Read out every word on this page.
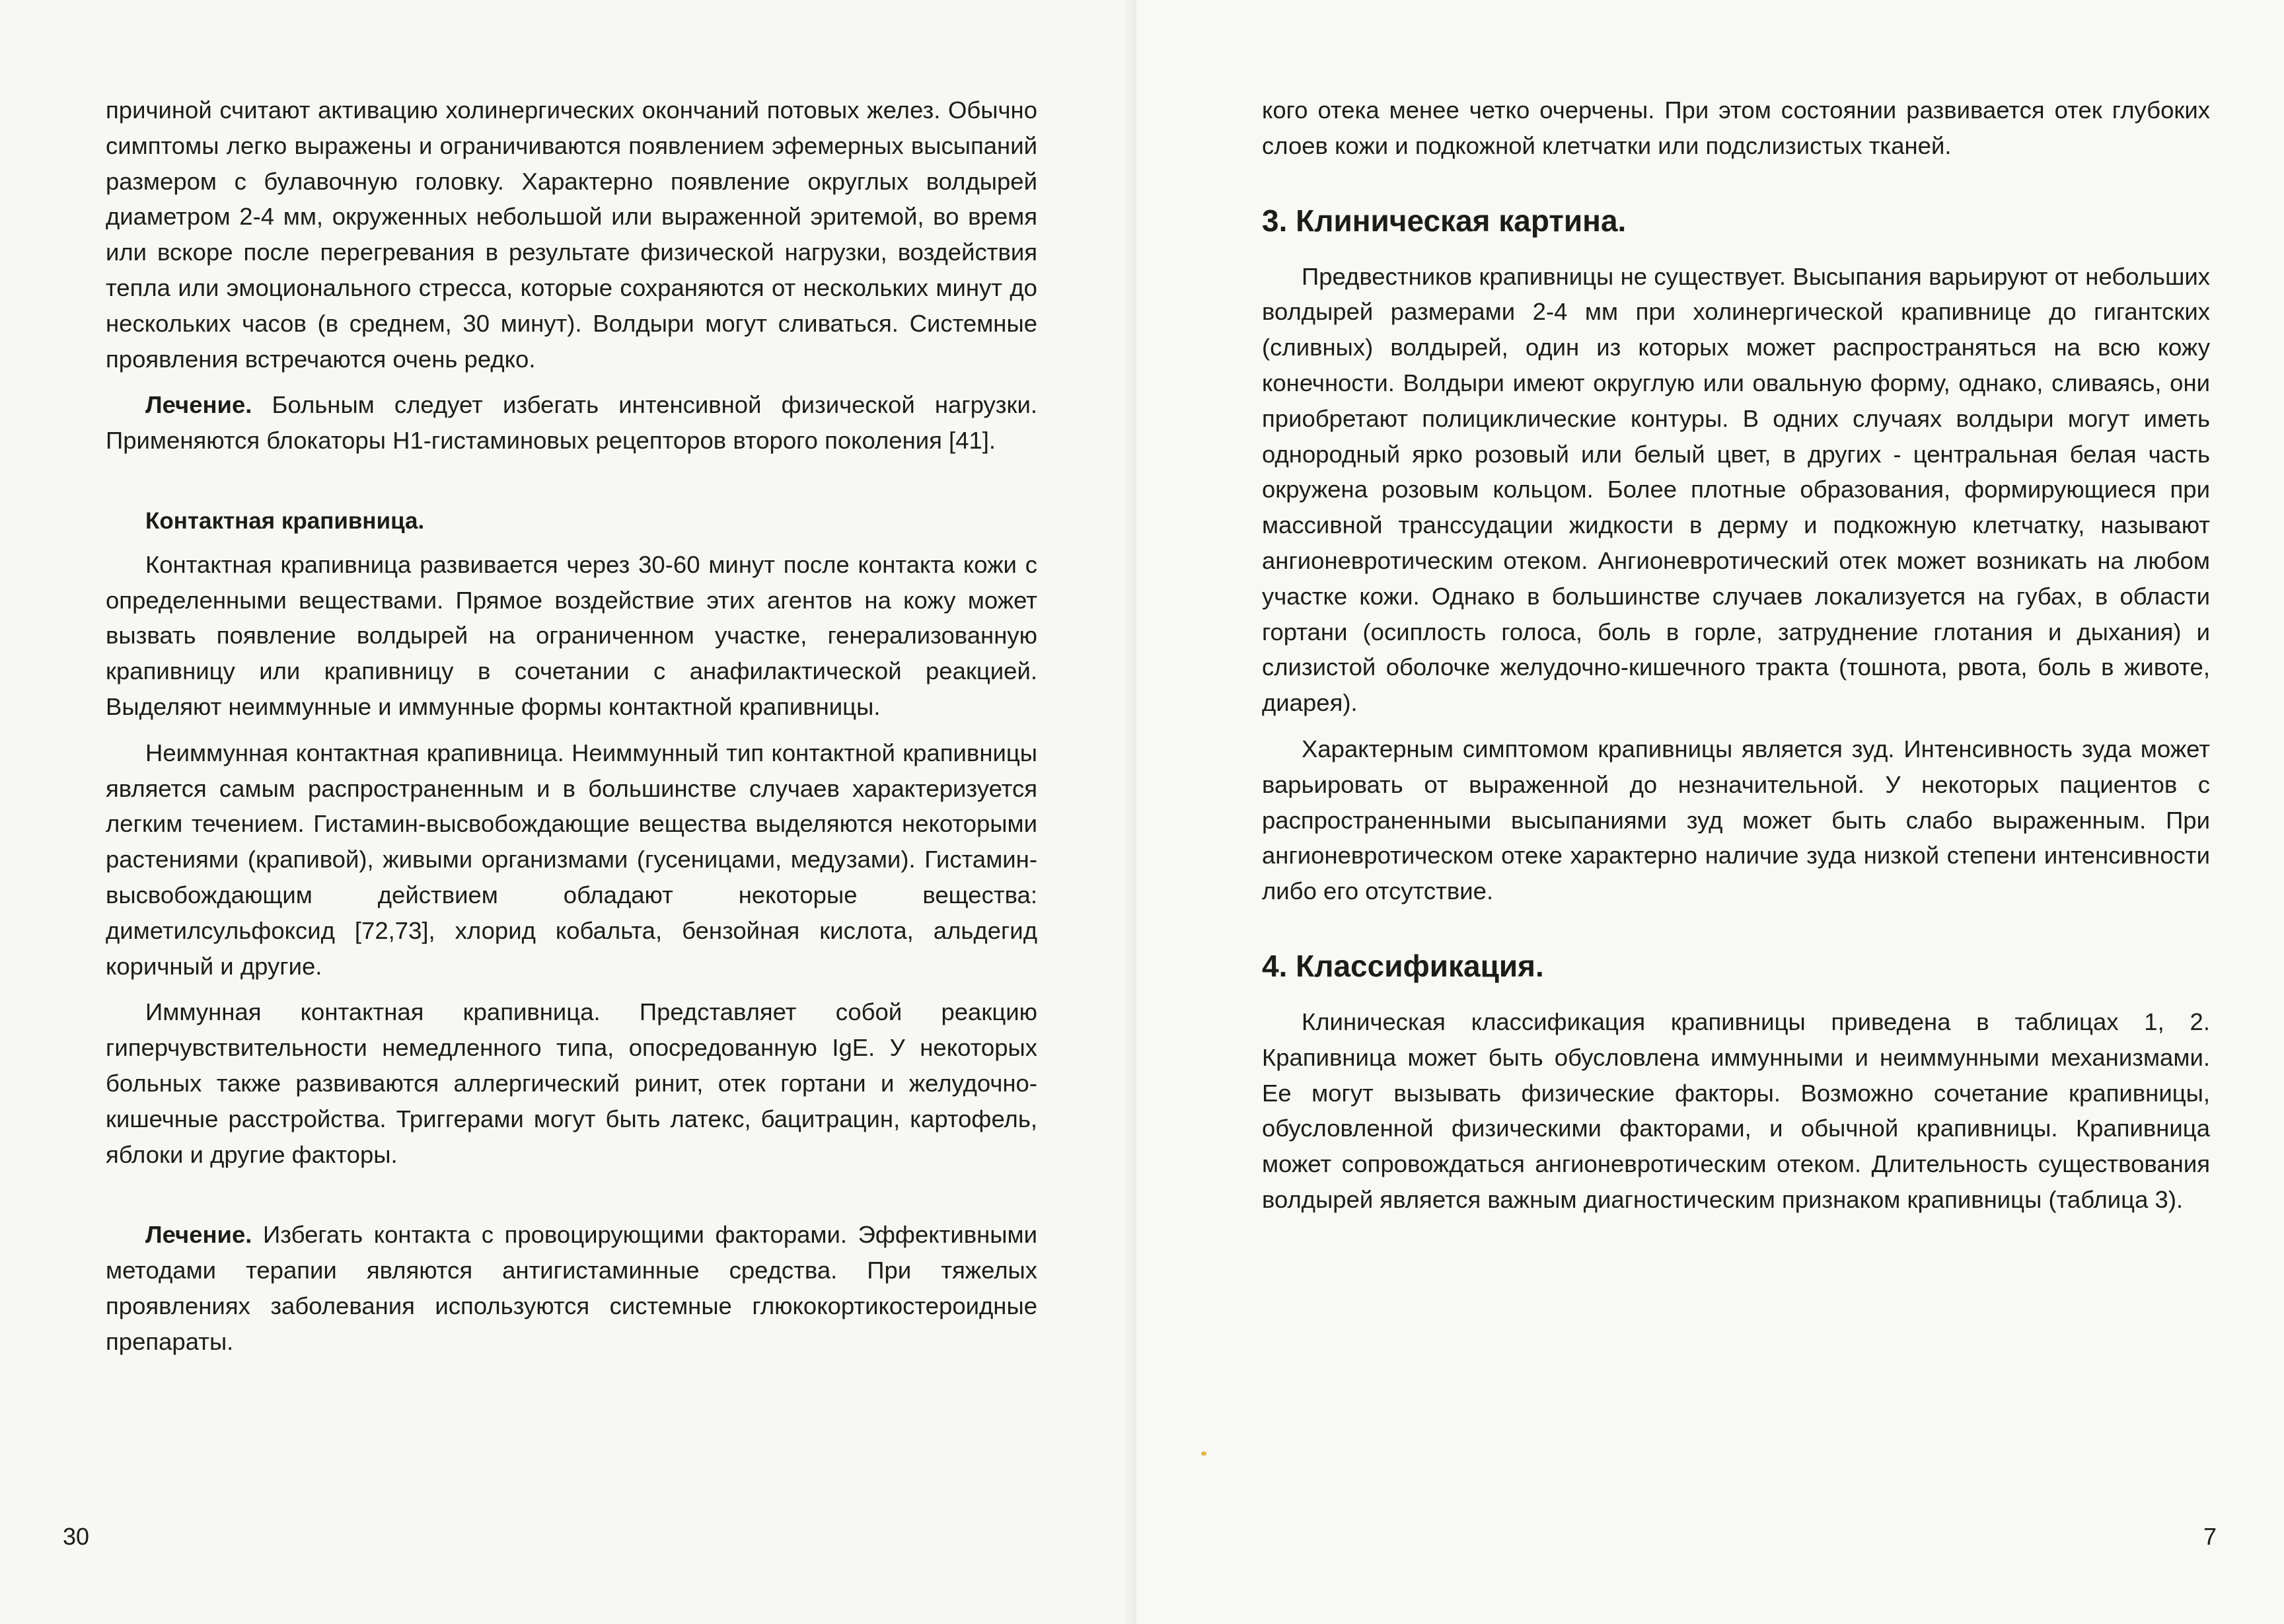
причиной считают активацию холинергических окончаний потовых желез. Обычно симптомы легко выражены и ограничиваются появлением эфемерных высыпаний размером с булавочную головку. Характерно появление округлых волдырей диаметром 2-4 мм, окруженных небольшой или выраженной эритемой, во время или вскоре после перегревания в результате физической нагрузки, воздействия тепла или эмоционального стресса, которые сохраняются от нескольких минут до нескольких часов (в среднем, 30 минут). Волдыри могут сливаться. Системные проявления встречаются очень редко.

Лечение. Больным следует избегать интенсивной физической нагрузки. Применяются блокаторы Н1-гистаминовых рецепторов второго поколения [41].

Контактная крапивница.

Контактная крапивница развивается через 30-60 минут после контакта кожи с определенными веществами. Прямое воздействие этих агентов на кожу может вызвать появление волдырей на ограниченном участке, генерализованную крапивницу или крапивницу в сочетании с анафилактической реакцией. Выделяют неиммунные и иммунные формы контактной крапивницы.

Неиммунная контактная крапивница. Неиммунный тип контактной крапивницы является самым распространенным и в большинстве случаев характеризуется легким течением. Гистамин-высвобождающие вещества выделяются некоторыми растениями (крапивой), живыми организмами (гусеницами, медузами). Гистамин-высвобождающим действием обладают некоторые вещества: диметилсульфоксид [72,73], хлорид кобальта, бензойная кислота, альдегид коричный и другие.

Иммунная контактная крапивница. Представляет собой реакцию гиперчувствительности немедленного типа, опосредованную IgE. У некоторых больных также развиваются аллергический ринит, отек гортани и желудочно-кишечные расстройства. Триггерами могут быть латекс, бацитрацин, картофель, яблоки и другие факторы.

Лечение. Избегать контакта с провоцирующими факторами. Эффективными методами терапии являются антигистаминные средства. При тяжелых проявлениях заболевания используются системные глюкокортикостероидные препараты.

30

кого отека менее четко очерчены. При этом состоянии развивается отек глубоких слоев кожи и подкожной клетчатки или подслизистых тканей.

3. Клиническая картина.

Предвестников крапивницы не существует. Высыпания варьируют от небольших волдырей размерами 2-4 мм при холинергической крапивнице до гигантских (сливных) волдырей, один из которых может распространяться на всю кожу конечности. Волдыри имеют округлую или овальную форму, однако, сливаясь, они приобретают полициклические контуры. В одних случаях волдыри могут иметь однородный ярко розовый или белый цвет, в других - центральная белая часть окружена розовым кольцом. Более плотные образования, формирующиеся при массивной транссудации жидкости в дерму и подкожную клетчатку, называют ангионевротическим отеком. Ангионевротический отек может возникать на любом участке кожи. Однако в большинстве случаев локализуется на губах, в области гортани (осиплость голоса, боль в горле, затруднение глотания и дыхания) и слизистой оболочке желудочно-кишечного тракта (тошнота, рвота, боль в животе, диарея).

Характерным симптомом крапивницы является зуд. Интенсивность зуда может варьировать от выраженной до незначительной. У некоторых пациентов с распространенными высыпаниями зуд может быть слабо выраженным. При ангионевротическом отеке характерно наличие зуда низкой степени интенсивности либо его отсутствие.

4. Классификация.

Клиническая классификация крапивницы приведена в таблицах 1, 2. Крапивница может быть обусловлена иммунными и неиммунными механизмами. Ее могут вызывать физические факторы. Возможно сочетание крапивницы, обусловленной физическими факторами, и обычной крапивницы. Крапивница может сопровождаться ангионевротическим отеком. Длительность существования волдырей является важным диагностическим признаком крапивницы (таблица 3).

7
